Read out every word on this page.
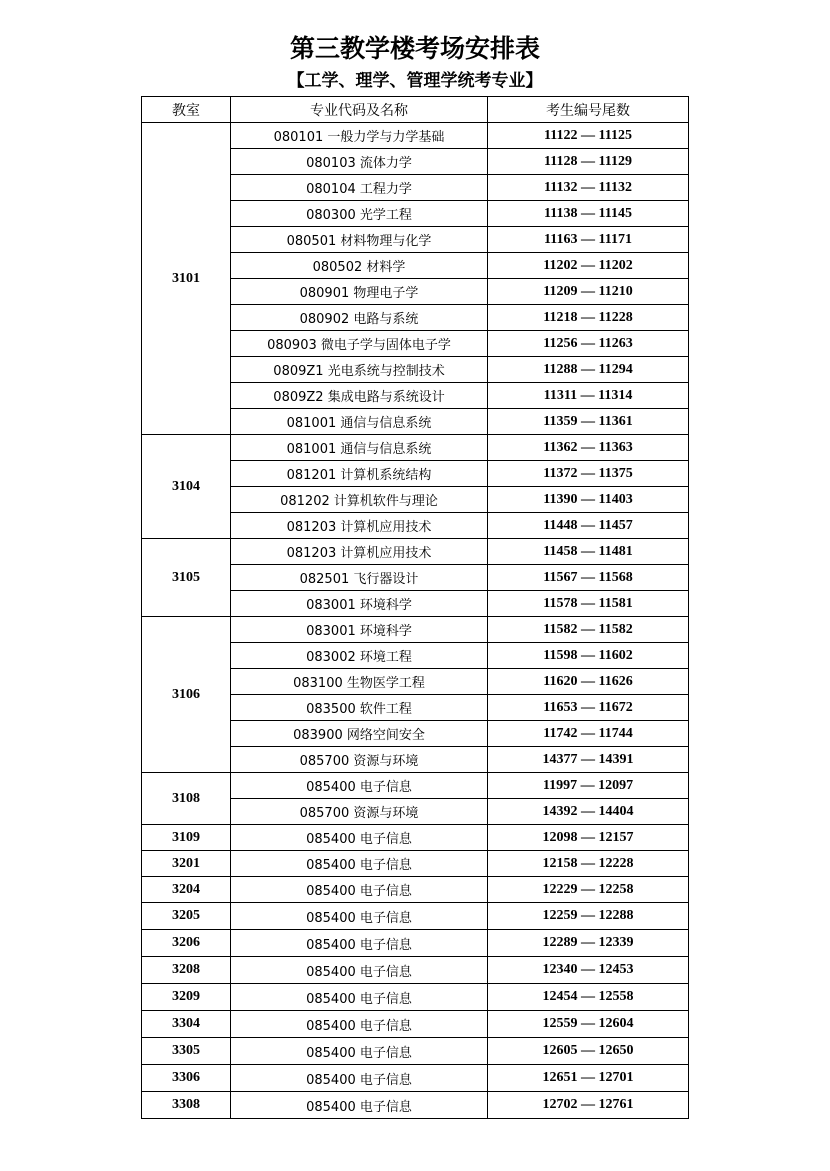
第三教学楼考场安排表
【工学、理学、管理学统考专业】
教室	专业代码及名称	考生编号尾数
3101	080101 一般力学与力学基础	11122 — 11125
	080103 流体力学	11128 — 11129
	080104 工程力学	11132 — 11132
	080300 光学工程	11138 — 11145
	080501 材料物理与化学	11163 — 11171
	080502 材料学	11202 — 11202
	080901 物理电子学	11209 — 11210
	080902 电路与系统	11218 — 11228
	080903 微电子学与固体电子学	11256 — 11263
	0809Z1 光电系统与控制技术	11288 — 11294
	0809Z2 集成电路与系统设计	11311 — 11314
	081001 通信与信息系统	11359 — 11361
3104	081001 通信与信息系统	11362 — 11363
	081201 计算机系统结构	11372 — 11375
	081202 计算机软件与理论	11390 — 11403
	081203 计算机应用技术	11448 — 11457
3105	081203 计算机应用技术	11458 — 11481
	082501 飞行器设计	11567 — 11568
	083001 环境科学	11578 — 11581
3106	083001 环境科学	11582 — 11582
	083002 环境工程	11598 — 11602
	083100 生物医学工程	11620 — 11626
	083500 软件工程	11653 — 11672
	083900 网络空间安全	11742 — 11744
	085700 资源与环境	14377 — 14391
3108	085400 电子信息	11997 — 12097
	085700 资源与环境	14392 — 14404
3109	085400 电子信息	12098 — 12157
3201	085400 电子信息	12158 — 12228
3204	085400 电子信息	12229 — 12258
3205	085400 电子信息	12259 — 12288
3206	085400 电子信息	12289 — 12339
3208	085400 电子信息	12340 — 12453
3209	085400 电子信息	12454 — 12558
3304	085400 电子信息	12559 — 12604
3305	085400 电子信息	12605 — 12650
3306	085400 电子信息	12651 — 12701
3308	085400 电子信息	12702 — 12761
